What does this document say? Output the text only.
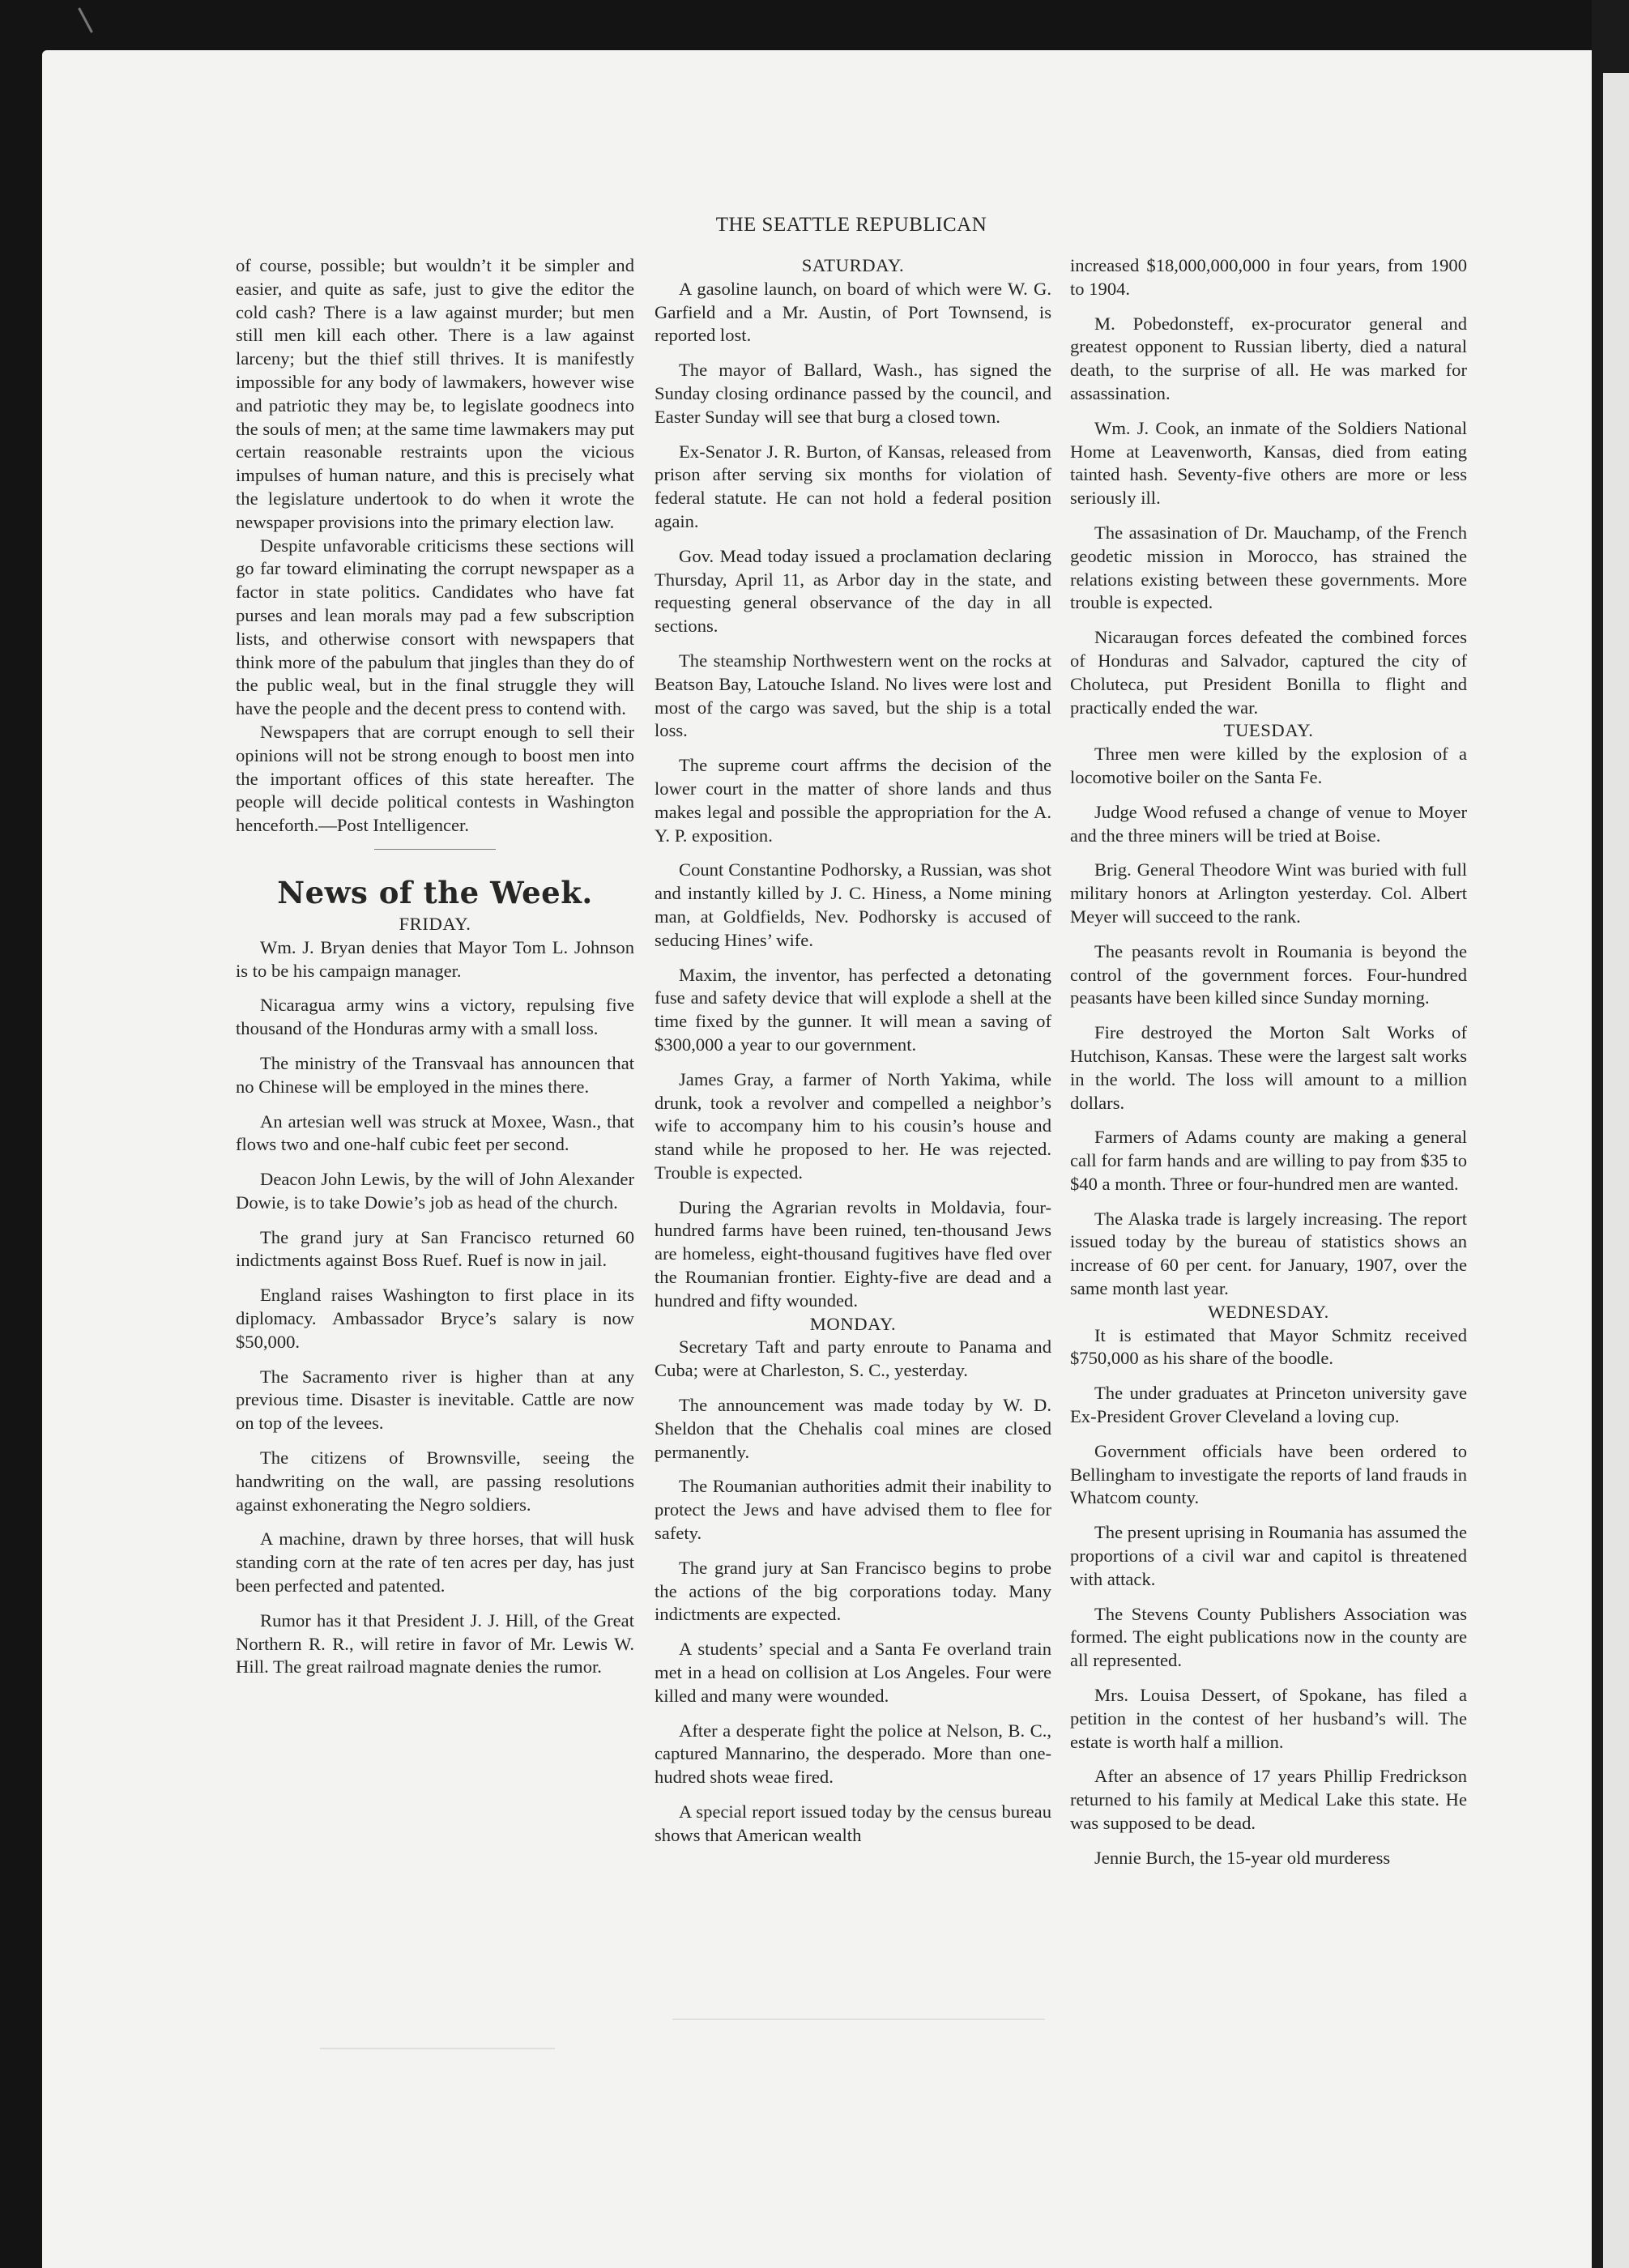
THE SEATTLE REPUBLICAN

of course, possible; but wouldn’t it be simpler and easier, and quite as safe, just to give the editor the cold cash? There is a law against murder; but men still men kill each other. There is a law against larceny; but the thief still thrives. It is manifestly impossible for any body of lawmakers, however wise and patriotic they may be, to legislate goodnecs into the souls of men; at the same time lawmakers may put certain reasonable restraints upon the vicious impulses of human nature, and this is precisely what the legislature undertook to do when it wrote the newspaper provisions into the primary election law.

Despite unfavorable criticisms these sections will go far toward eliminating the corrupt newspaper as a factor in state politics. Candidates who have fat purses and lean morals may pad a few subscription lists, and otherwise consort with newspapers that think more of the pabulum that jingles than they do of the public weal, but in the final struggle they will have the people and the decent press to contend with.

Newspapers that are corrupt enough to sell their opinions will not be strong enough to boost men into the important offices of this state hereafter. The people will decide political contests in Washington henceforth.—Post Intelligencer.

News of the Week.
FRIDAY.

Wm. J. Bryan denies that Mayor Tom L. Johnson is to be his campaign manager.

Nicaragua army wins a victory, repulsing five thousand of the Honduras army with a small loss.

The ministry of the Transvaal has announcen that no Chinese will be employed in the mines there.

An artesian well was struck at Moxee, Wasn., that flows two and one-half cubic feet per second.

Deacon John Lewis, by the will of John Alexander Dowie, is to take Dowie’s job as head of the church.

The grand jury at San Francisco returned 60 indictments against Boss Ruef. Ruef is now in jail.

England raises Washington to first place in its diplomacy. Ambassador Bryce’s salary is now $50,000.

The Sacramento river is higher than at any previous time. Disaster is inevitable. Cattle are now on top of the levees.

The citizens of Brownsville, seeing the handwriting on the wall, are passing resolutions against exhonerating the Negro soldiers.

A machine, drawn by three horses, that will husk standing corn at the rate of ten acres per day, has just been perfected and patented.

Rumor has it that President J. J. Hill, of the Great Northern R. R., will retire in favor of Mr. Lewis W. Hill. The great railroad magnate denies the rumor.

SATURDAY.

A gasoline launch, on board of which were W. G. Garfield and a Mr. Austin, of Port Townsend, is reported lost.

The mayor of Ballard, Wash., has signed the Sunday closing ordinance passed by the council, and Easter Sunday will see that burg a closed town.

Ex-Senator J. R. Burton, of Kansas, released from prison after serving six months for violation of federal statute. He can not hold a federal position again.

Gov. Mead today issued a proclamation declaring Thursday, April 11, as Arbor day in the state, and requesting general observance of the day in all sections.

The steamship Northwestern went on the rocks at Beatson Bay, Latouche Island. No lives were lost and most of the cargo was saved, but the ship is a total loss.

The supreme court affrms the decision of the lower court in the matter of shore lands and thus makes legal and possible the appropriation for the A. Y. P. exposition.

Count Constantine Podhorsky, a Russian, was shot and instantly killed by J. C. Hiness, a Nome mining man, at Goldfields, Nev. Podhorsky is accused of seducing Hines’ wife.

Maxim, the inventor, has perfected a detonating fuse and safety device that will explode a shell at the time fixed by the gunner. It will mean a saving of $300,000 a year to our government.

James Gray, a farmer of North Yakima, while drunk, took a revolver and compelled a neighbor’s wife to accompany him to his cousin’s house and stand while he proposed to her. He was rejected. Trouble is expected.

During the Agrarian revolts in Moldavia, four-hundred farms have been ruined, ten-thousand Jews are homeless, eight-thousand fugitives have fled over the Roumanian frontier. Eighty-five are dead and a hundred and fifty wounded.

MONDAY.

Secretary Taft and party enroute to Panama and Cuba; were at Charleston, S. C., yesterday.

The announcement was made today by W. D. Sheldon that the Chehalis coal mines are closed permanently.

The Roumanian authorities admit their inability to protect the Jews and have advised them to flee for safety.

The grand jury at San Francisco begins to probe the actions of the big corporations today. Many indictments are expected.

A students’ special and a Santa Fe overland train met in a head on collision at Los Angeles. Four were killed and many were wounded.

After a desperate fight the police at Nelson, B. C., captured Mannarino, the desperado. More than one-hudred shots weae fired.

A special report issued today by the census bureau shows that American wealth

increased $18,000,000,000 in four years, from 1900 to 1904.

M. Pobedonsteff, ex-procurator general and greatest opponent to Russian liberty, died a natural death, to the surprise of all. He was marked for assassination.

Wm. J. Cook, an inmate of the Soldiers National Home at Leavenworth, Kansas, died from eating tainted hash. Seventy-five others are more or less seriously ill.

The assasination of Dr. Mauchamp, of the French geodetic mission in Morocco, has strained the relations existing between these governments. More trouble is expected.

Nicaraugan forces defeated the combined forces of Honduras and Salvador, captured the city of Choluteca, put President Bonilla to flight and practically ended the war.

TUESDAY.

Three men were killed by the explosion of a locomotive boiler on the Santa Fe.

Judge Wood refused a change of venue to Moyer and the three miners will be tried at Boise.

Brig. General Theodore Wint was buried with full military honors at Arlington yesterday. Col. Albert Meyer will succeed to the rank.

The peasants revolt in Roumania is beyond the control of the government forces. Four-hundred peasants have been killed since Sunday morning.

Fire destroyed the Morton Salt Works of Hutchison, Kansas. These were the largest salt works in the world. The loss will amount to a million dollars.

Farmers of Adams county are making a general call for farm hands and are willing to pay from $35 to $40 a month. Three or four-hundred men are wanted.

The Alaska trade is largely increasing. The report issued today by the bureau of statistics shows an increase of 60 per cent. for January, 1907, over the same month last year.

WEDNESDAY.

It is estimated that Mayor Schmitz received $750,000 as his share of the boodle.

The under graduates at Princeton university gave Ex-President Grover Cleveland a loving cup.

Government officials have been ordered to Bellingham to investigate the reports of land frauds in Whatcom county.

The present uprising in Roumania has assumed the proportions of a civil war and capitol is threatened with attack.

The Stevens County Publishers Association was formed. The eight publications now in the county are all represented.

Mrs. Louisa Dessert, of Spokane, has filed a petition in the contest of her husband’s will. The estate is worth half a million.

After an absence of 17 years Phillip Fredrickson returned to his family at Medical Lake this state. He was supposed to be dead.

Jennie Burch, the 15-year old murderess
